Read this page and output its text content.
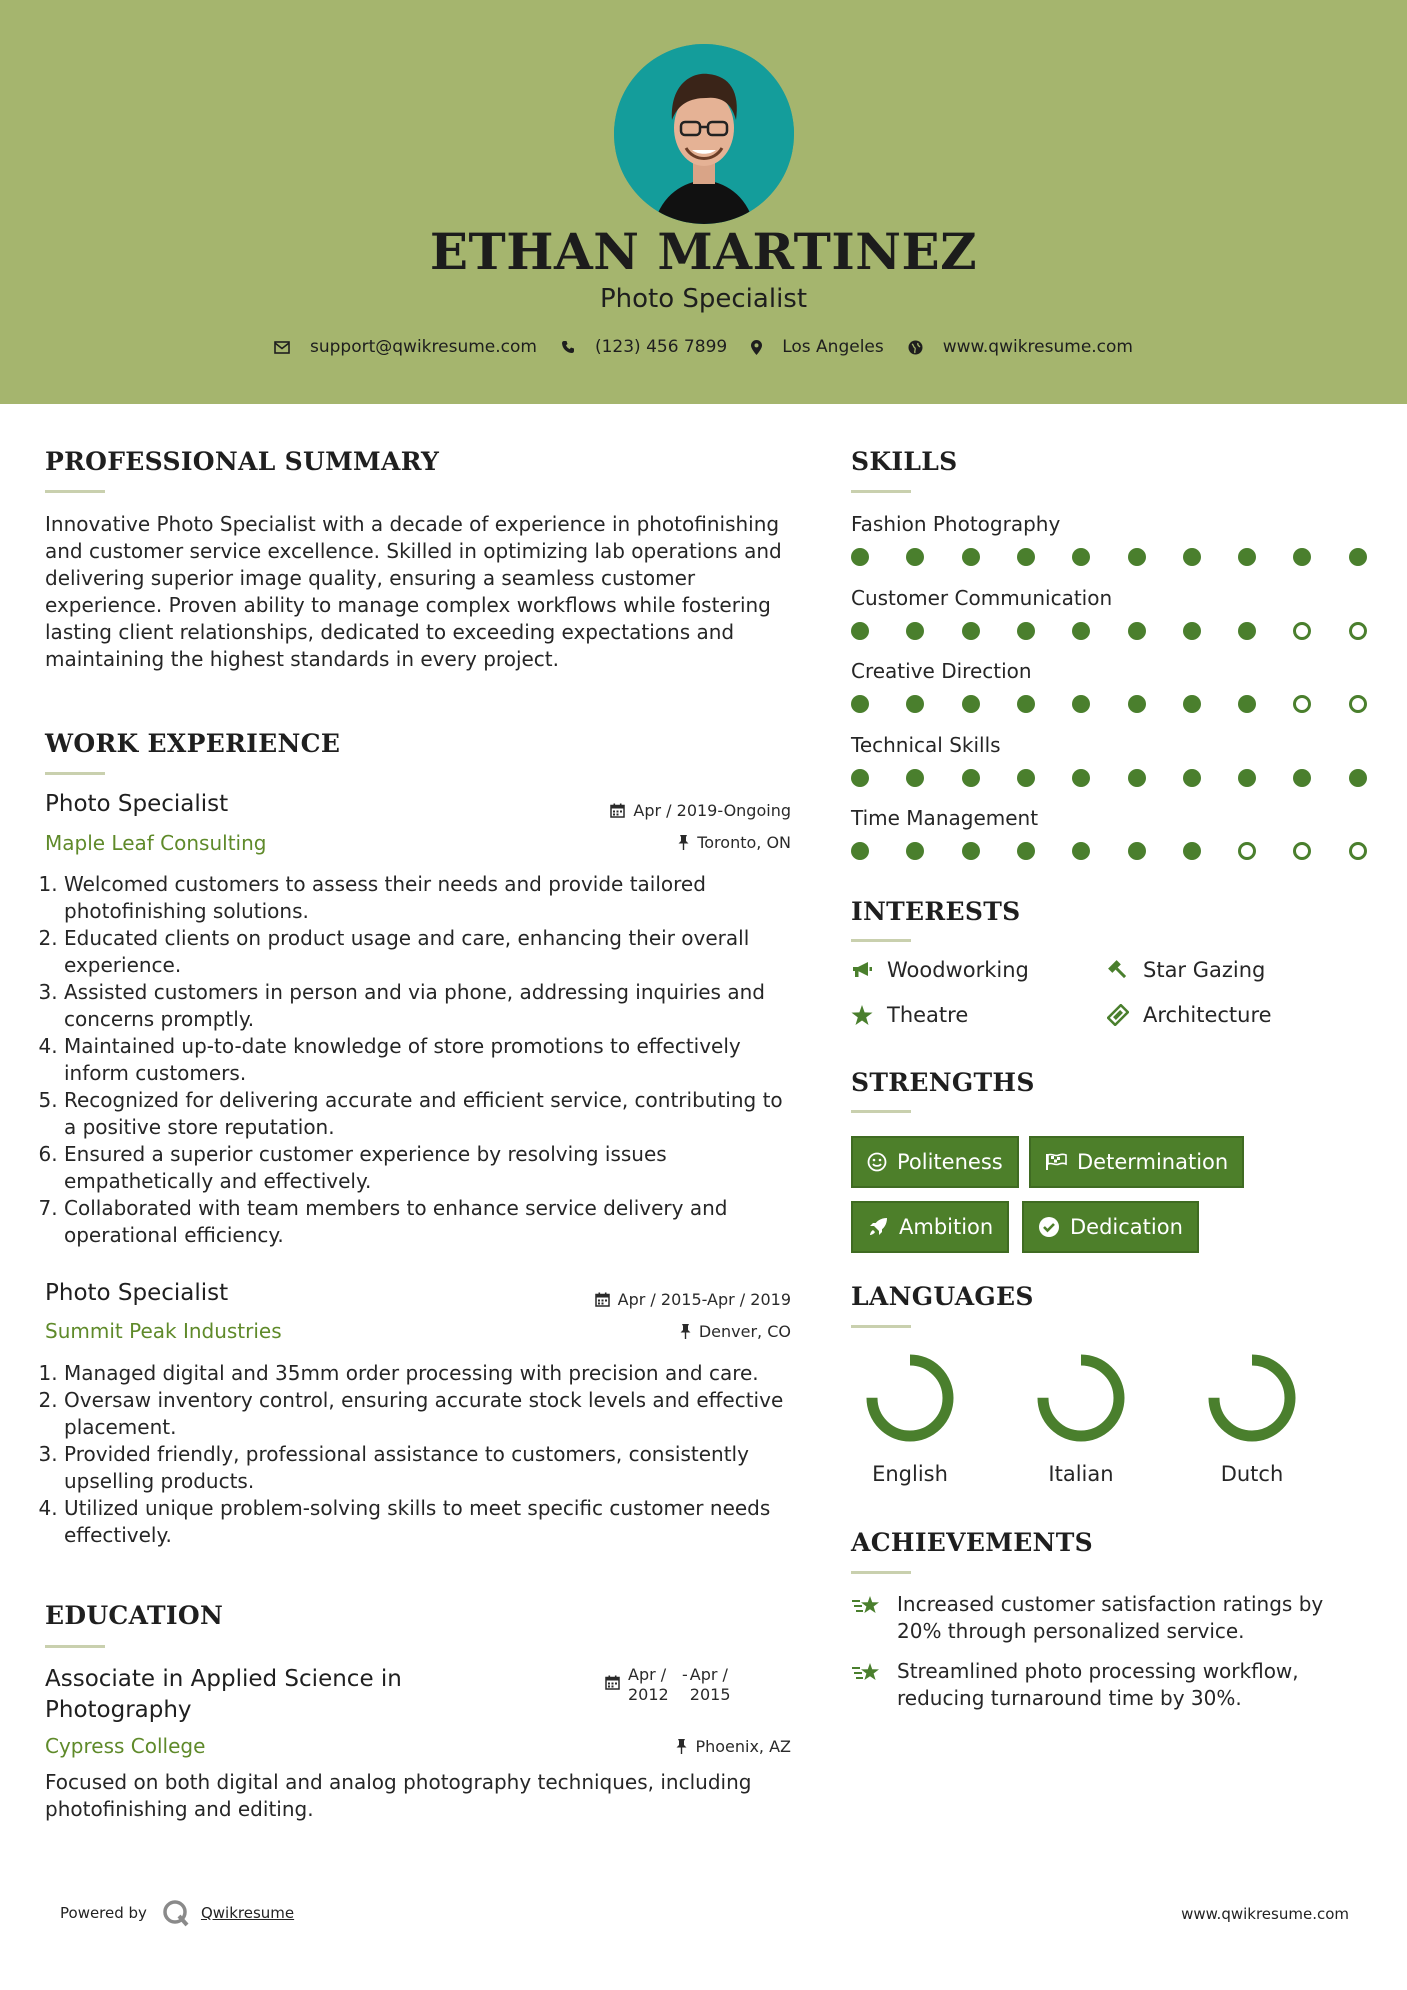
ETHAN MARTINEZ
Photo Specialist
support@qwikresume.com	(123) 456 7899	Los Angeles	www.qwikresume.com
PROFESSIONAL SUMMARY
Innovative Photo Specialist with a decade of experience in photofinishing and customer service excellence. Skilled in optimizing lab operations and delivering superior image quality, ensuring a seamless customer experience. Proven ability to manage complex workflows while fostering lasting client relationships, dedicated to exceeding expectations and maintaining the highest standards in every project.
WORK EXPERIENCE
Photo Specialist	Apr / 2019-Ongoing
Maple Leaf Consulting	Toronto, ON
1. Welcomed customers to assess their needs and provide tailored photofinishing solutions.
2. Educated clients on product usage and care, enhancing their overall experience.
3. Assisted customers in person and via phone, addressing inquiries and concerns promptly.
4. Maintained up-to-date knowledge of store promotions to effectively inform customers.
5. Recognized for delivering accurate and efficient service, contributing to a positive store reputation.
6. Ensured a superior customer experience by resolving issues empathetically and effectively.
7. Collaborated with team members to enhance service delivery and operational efficiency.
Photo Specialist	Apr / 2015-Apr / 2019
Summit Peak Industries	Denver, CO
1. Managed digital and 35mm order processing with precision and care.
2. Oversaw inventory control, ensuring accurate stock levels and effective placement.
3. Provided friendly, professional assistance to customers, consistently upselling products.
4. Utilized unique problem-solving skills to meet specific customer needs effectively.
EDUCATION
Associate in Applied Science in Photography
Apr / 2012
- Apr / 2015
Cypress College	Phoenix, AZ
Focused on both digital and analog photography techniques, including photofinishing and editing.
SKILLS
Fashion Photography
Customer Communication
Creative Direction
Technical Skills
Time Management
INTERESTS
Woodworking	Star Gazing
Theatre	Architecture
STRENGTHS
Politeness	Determination
Ambition	Dedication
LANGUAGES
English	Italian	Dutch
ACHIEVEMENTS
Increased customer satisfaction ratings by 20% through personalized service.
Streamlined photo processing workflow, reducing turnaround time by 30%.
Powered by	Qwikresume	www.qwikresume.com
